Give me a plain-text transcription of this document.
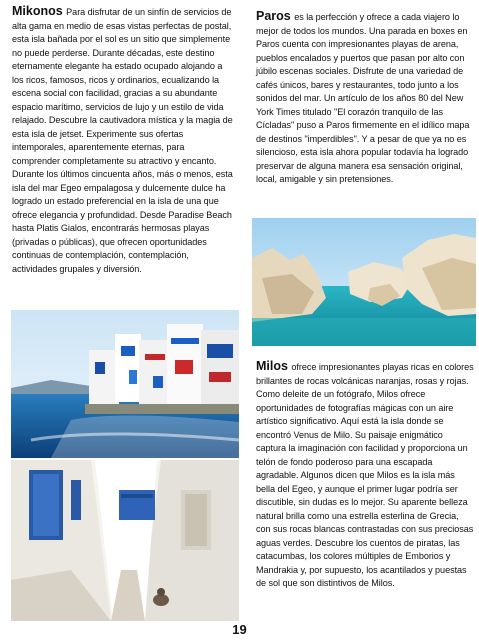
Mikonos Para disfrutar de un sinfín de servicios de alta gama en medio de esas vistas perfectas de postal, esta isla bañada por el sol es un sitio que simplemente no puede perderse. Durante décadas, este destino eternamente elegante ha estado ocupado alojando a los ricos, famosos, ricos y ordinarios, ecualizando la escena social con facilidad, gracias a su abundante espacio marítimo, servicios de lujo y un estilo de vida relajado. Descubre la cautivadora mística y la magia de esta isla de jetset. Experimente sus ofertas intemporales, aparentemente eternas, para comprender completamente su atractivo y encanto. Durante los últimos cincuenta años, más o menos, esta isla del mar Egeo empalagosa y dulcemente dulce ha logrado un estado preferencial en la isla de una que ofrece elegancia y profundidad. Desde Paradise Beach hasta Platis Gialos, encontrarás hermosas playas (privadas o públicas), que ofrecen oportunidades continuas de contemplación, contemplación, actividades grupales y diversión.
Paros es la perfección y ofrece a cada viajero lo mejor de todos los mundos. Una parada en boxes en Paros cuenta con impresionantes playas de arena, pueblos encalados y puertos que pasan por alto con júbilo escenas sociales. Disfrute de una variedad de cafés únicos, bares y restaurantes, todo junto a los sonidos del mar. Un artículo de los años 80 del New York Times titulado "El corazón tranquilo de las Cícladas" puso a Paros firmemente en el idílico mapa de destinos "imperdibles". Y a pesar de que ya no es silencioso, esta isla ahora popular todavía ha logrado preservar de alguna manera esa sensación original, local, amigable y sin pretensiones.
Milos ofrece impresionantes playas ricas en colores brillantes de rocas volcánicas naranjas, rosas y rojas. Como deleite de un fotógrafo, Milos ofrece oportunidades de fotografías mágicas con un aire artístico significativo. Aquí está la isla donde se encontró Venus de Milo. Su paisaje enigmático captura la imaginación con facilidad y proporciona un telón de fondo poderoso para una escapada agradable. Algunos dicen que Milos es la isla más bella del Egeo, y aunque el primer lugar podría ser discutible, sin dudas es lo mejor. Su aparente belleza natural brilla como una estrella esterlina de Grecia, con sus rocas blancas contrastadas con sus preciosas aguas verdes. Descubre los cuentos de piratas, las catacumbas, los colores múltiples de Emborios y Mandrakia y, por supuesto, los acantilados y puestas de sol que son distintivos de Milos.
19
